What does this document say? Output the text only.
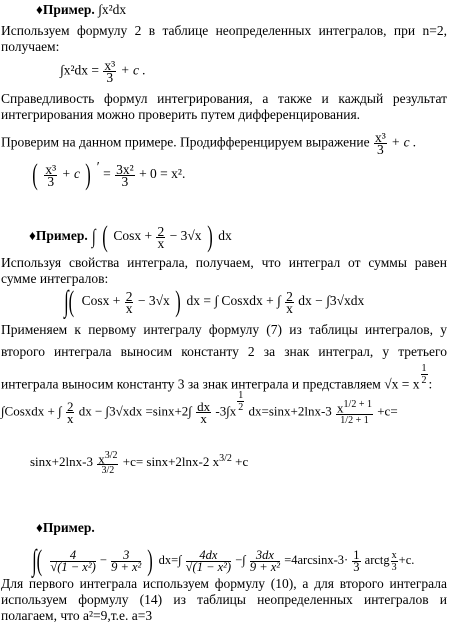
♦Пример. ∫x²dx
Используем формулу 2 в таблице неопределенных интегралов, при n=2, получаем:
$\int x^2dx = \frac{\text{x³}}{3} + c$ .
Справедливость формул интегрирования, а также и каждый результат интегрирования можно проверить путем дифференцирования.
Проверим на данном примере. Продифференцируем выражение $\frac{\text{x³}}{3} + c$ .
( $\frac{\text{x³}}{3} + c$ ) ′ = $\frac{\text{3x²}}{3} + 0 = x^2$.
♦Пример. ∫ ( Cosx + $\frac{2}{x} - 3√x$ ) dx
Используя свойства интеграла, получаем, что интеграл от суммы равен сумме интегралов:
∫( Cosx + $\frac{2}{x} - 3√x$ ) dx = ∫ Cosxdx + ∫ $\frac{2}{x}$ dx − ∫3√xdx
Применяем к первому интегралу формулу (7) из таблицы интегралов, у второго интеграла выносим константу 2 за знак интеграл, у третьего интеграла выносим константу 3 за знак интеграла и представляем √x = x $\frac{1}{2}$ :
∫Cosxdx + ∫ $\frac{2}{x}$ dx − $\int 3√xdx =\sin x+2\int \frac{dx}{x} -3\int x \frac{1}{2} dx=\sin x+2\ln x-3 \frac{x^{1/2 + 1}}{1/2 + 1} +c=$
$\sin x+2\ln x-3 \frac{x^{3/2}}{3/2} +c= \sin x+2\ln x-2$ $x^{3/2} +c$
♦Пример.
∫( $\frac{4}{\text{√(1 − x²)}} - \frac{3}{\text{9 + x²}}$ ) $dx=\int \frac{4dx}{\text{√(1 − x²)}}$ −∫ $\frac{3dx}{\text{9 + x²}} =4\arcsin x-3\cdot \frac{1}{3}$ arctg $\frac{x}{3} +c$.
Для первого интеграла используем формулу (10), а для второго интеграла используем формулу (14) из таблицы неопределенных интегралов и полагаем, что a²=9,т.е. a=3
